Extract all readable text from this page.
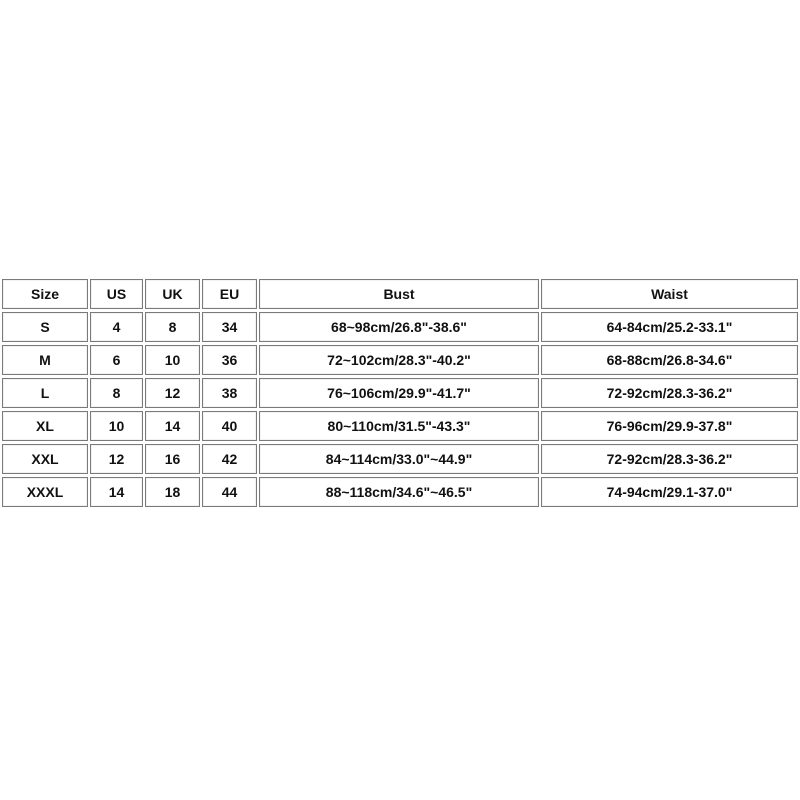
Size	US	UK	EU	Bust	Waist
S	4	8	34	68~98cm/26.8"-38.6"	64-84cm/25.2-33.1"
M	6	10	36	72~102cm/28.3"-40.2"	68-88cm/26.8-34.6"
L	8	12	38	76~106cm/29.9"-41.7"	72-92cm/28.3-36.2"
XL	10	14	40	80~110cm/31.5"-43.3"	76-96cm/29.9-37.8"
XXL	12	16	42	84~114cm/33.0"~44.9"	72-92cm/28.3-36.2"
XXXL	14	18	44	88~118cm/34.6"~46.5"	74-94cm/29.1-37.0"
